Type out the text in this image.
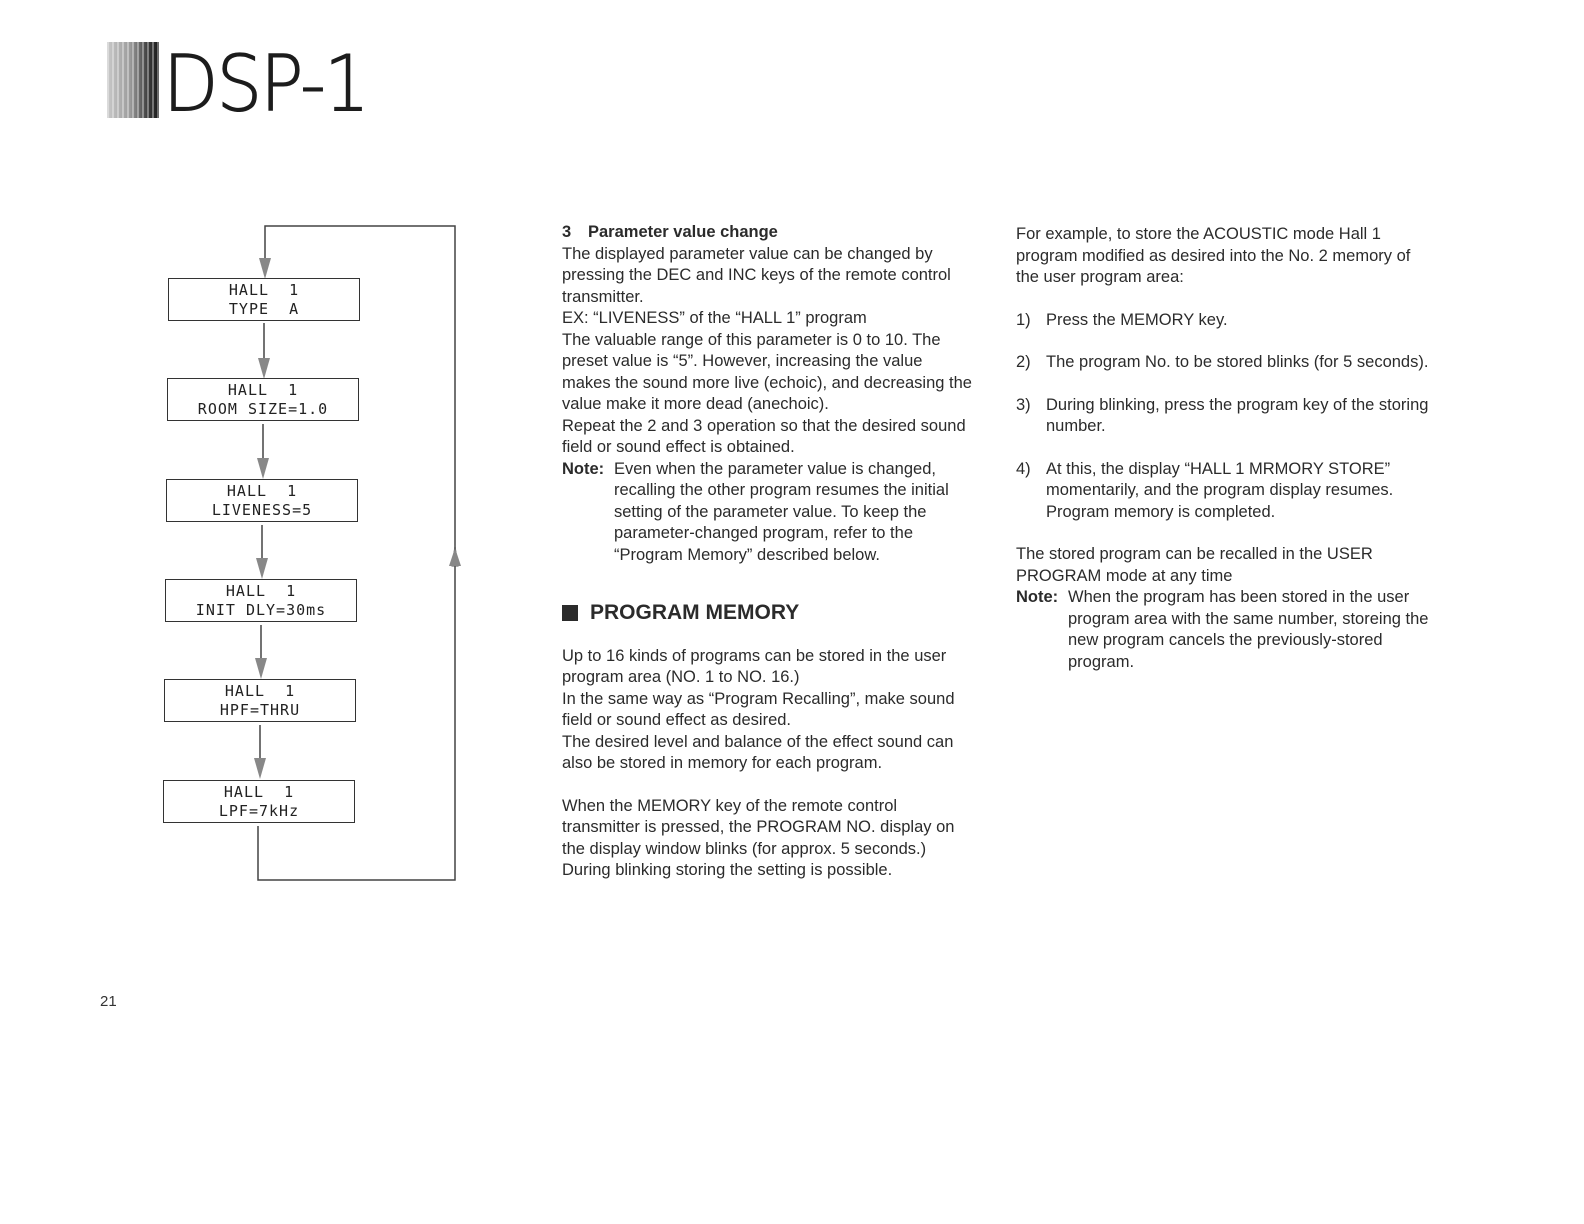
DSP-1
HALL  1
TYPE  A
HALL  1
ROOM SIZE=1.0
HALL  1
LIVENESS=5
HALL  1
INIT DLY=30ms
HALL  1
HPF=THRU
HALL  1
LPF=7kHz

3 Parameter value change

The displayed parameter value can be changed by pressing the DEC and INC keys of the remote control transmitter.

EX: “LIVENESS” of the “HALL 1” program

The valuable range of this parameter is 0 to 10. The preset value is “5”. However, increasing the value makes the sound more live (echoic), and decreasing the value make it more dead (anechoic).

Repeat the 2 and 3 operation so that the desired sound field or sound effect is obtained.

Note: Even when the parameter value is changed, recalling the other program resumes the initial setting of the parameter value. To keep the parameter-changed program, refer to the “Program Memory” described below.
PROGRAM MEMORY

Up to 16 kinds of programs can be stored in the user program area (NO. 1 to NO. 16.)

In the same way as “Program Recalling”, make sound field or sound effect as desired.

The desired level and balance of the effect sound can also be stored in memory for each program.

When the MEMORY key of the remote control transmitter is pressed, the PROGRAM NO. display on the display window blinks (for approx. 5 seconds.)

During blinking storing the setting is possible.

For example, to store the ACOUSTIC mode Hall 1 program modified as desired into the No. 2 memory of the user program area:

1) Press the MEMORY key.
2) The program No. to be stored blinks (for 5 seconds).
3) During blinking, press the program key of the storing number.
4) At this, the display “HALL 1 MRMORY STORE” momentarily, and the program display resumes. Program memory is completed.

The stored program can be recalled in the USER PROGRAM mode at any time

Note: When the program has been stored in the user program area with the same number, storeing the new program cancels the previously-stored program.
21
